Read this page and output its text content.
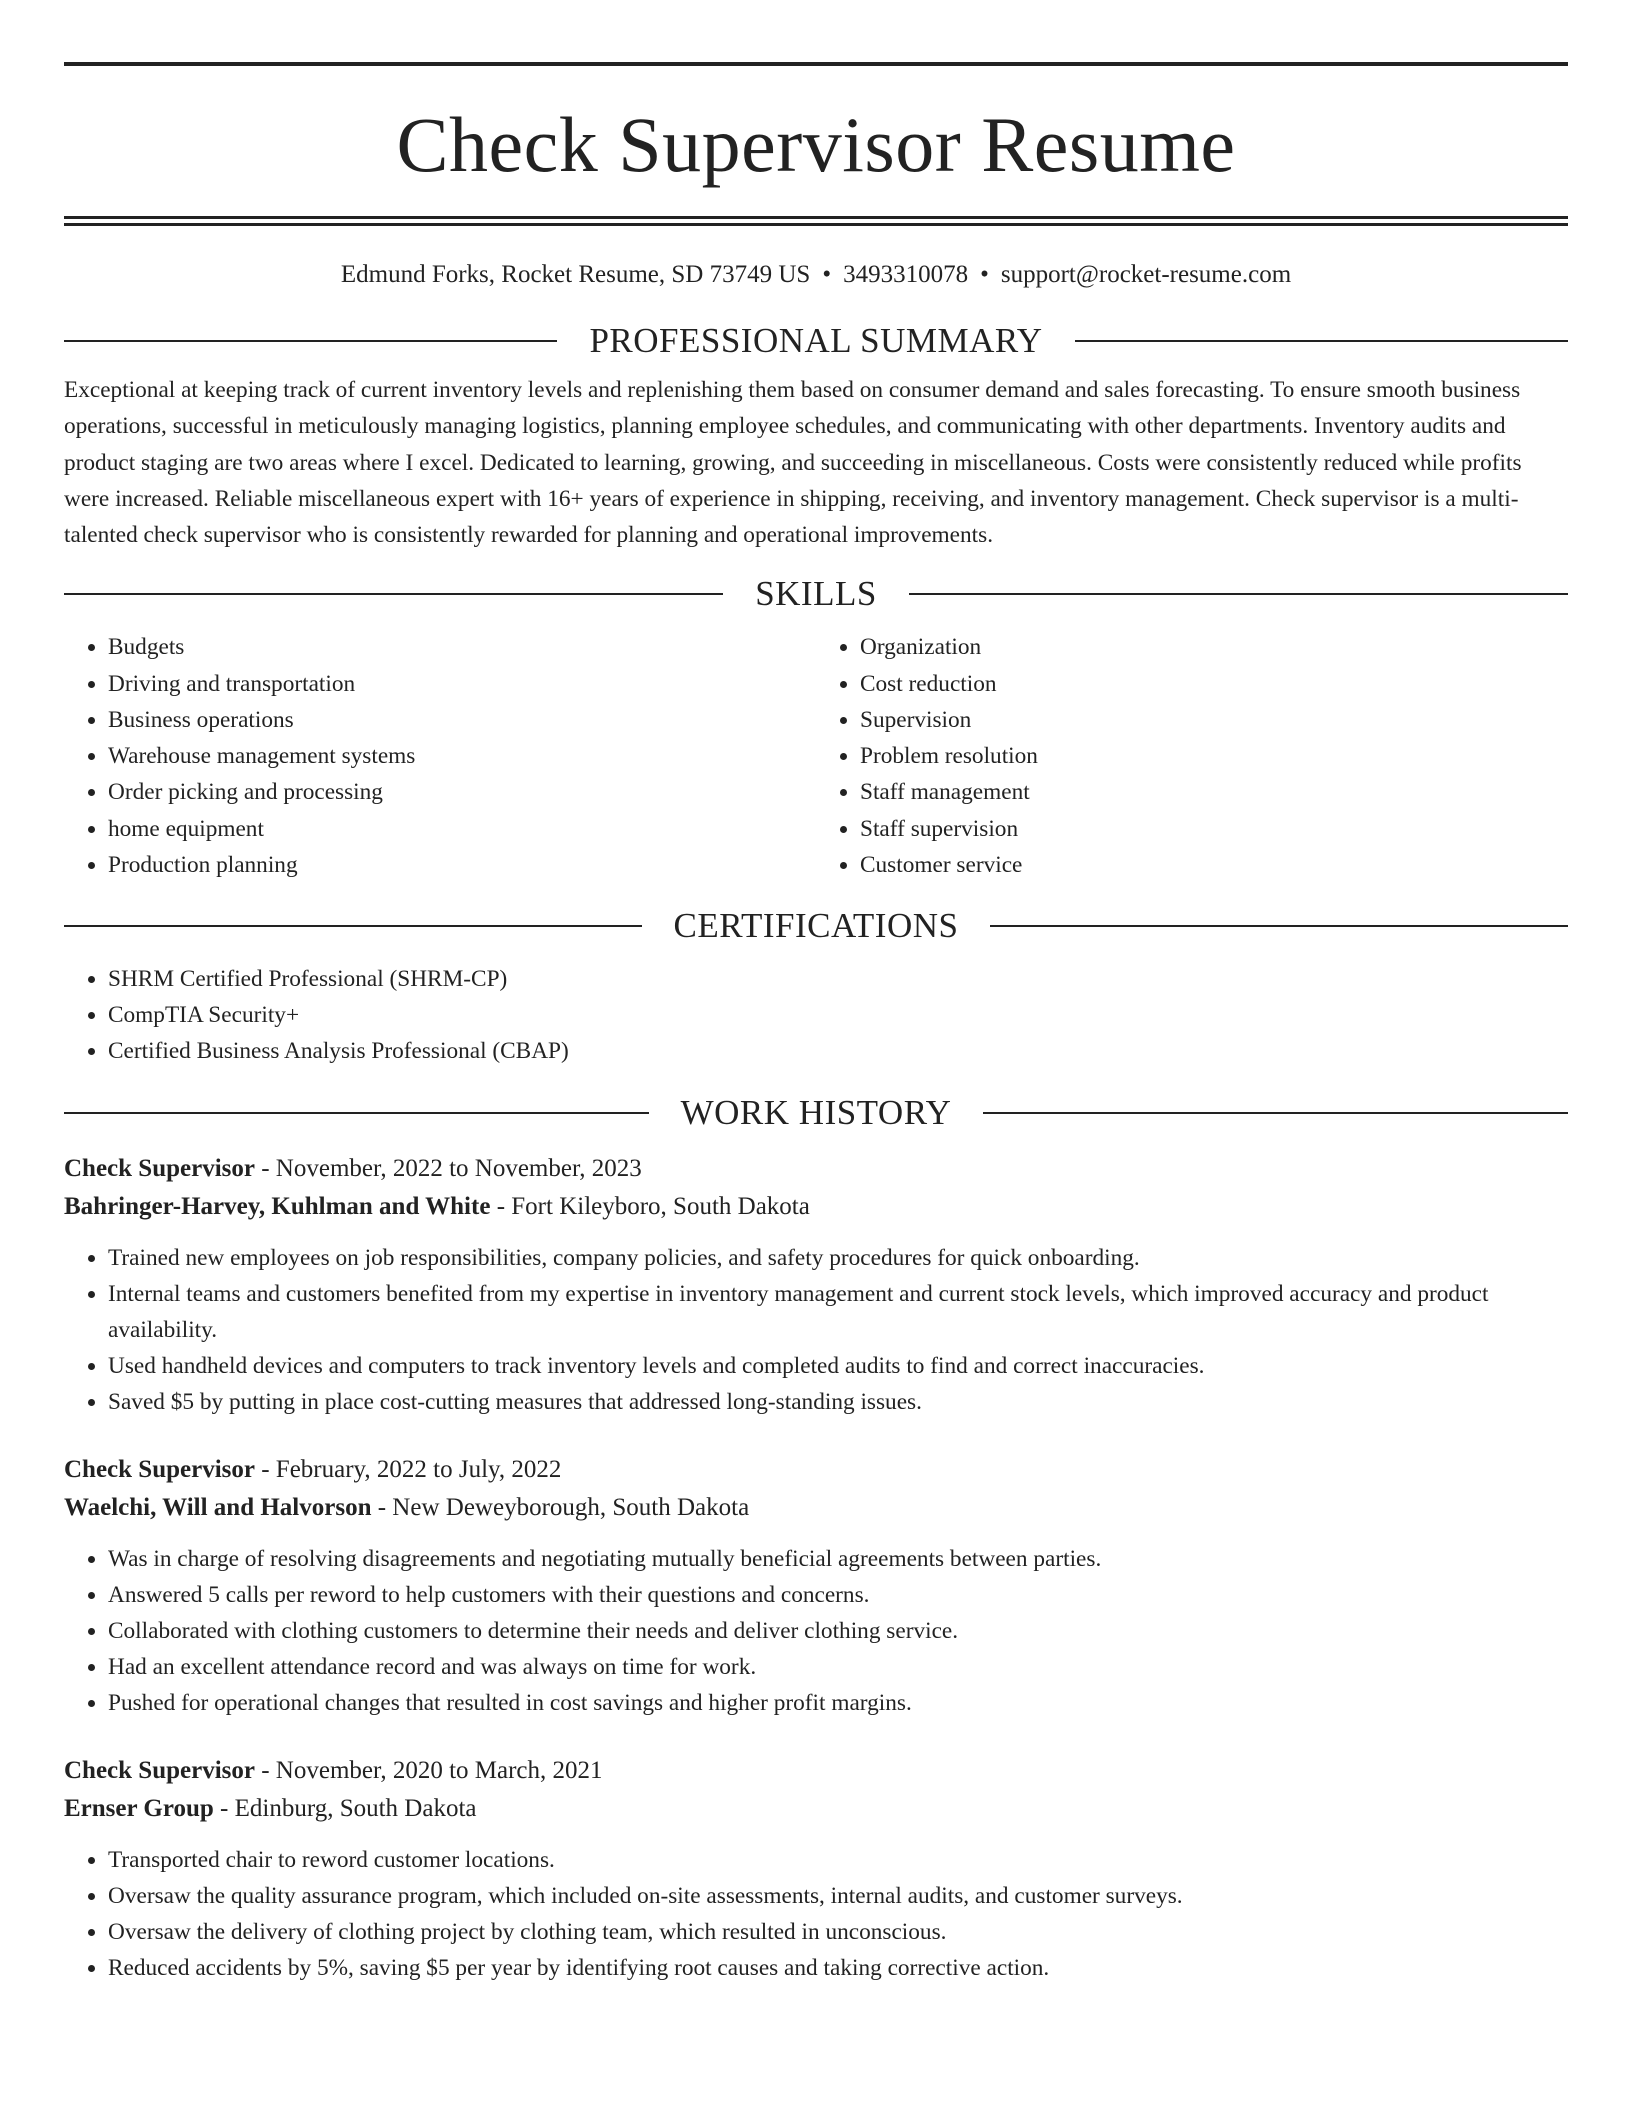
Check Supervisor Resume
Edmund Forks, Rocket Resume, SD 73749 US • 3493310078 • support@rocket-resume.com
PROFESSIONAL SUMMARY
Exceptional at keeping track of current inventory levels and replenishing them based on consumer demand and sales forecasting. To ensure smooth business operations, successful in meticulously managing logistics, planning employee schedules, and communicating with other departments. Inventory audits and product staging are two areas where I excel. Dedicated to learning, growing, and succeeding in miscellaneous. Costs were consistently reduced while profits were increased. Reliable miscellaneous expert with 16+ years of experience in shipping, receiving, and inventory management. Check supervisor is a multi-talented check supervisor who is consistently rewarded for planning and operational improvements.
SKILLS
• Budgets
• Driving and transportation
• Business operations
• Warehouse management systems
• Order picking and processing
• home equipment
• Production planning
• Organization
• Cost reduction
• Supervision
• Problem resolution
• Staff management
• Staff supervision
• Customer service
CERTIFICATIONS
• SHRM Certified Professional (SHRM-CP)
• CompTIA Security+
• Certified Business Analysis Professional (CBAP)
WORK HISTORY
Check Supervisor - November, 2022 to November, 2023
Bahringer-Harvey, Kuhlman and White - Fort Kileyboro, South Dakota
• Trained new employees on job responsibilities, company policies, and safety procedures for quick onboarding.
• Internal teams and customers benefited from my expertise in inventory management and current stock levels, which improved accuracy and product availability.
• Used handheld devices and computers to track inventory levels and completed audits to find and correct inaccuracies.
• Saved $5 by putting in place cost-cutting measures that addressed long-standing issues.
Check Supervisor - February, 2022 to July, 2022
Waelchi, Will and Halvorson - New Deweyborough, South Dakota
• Was in charge of resolving disagreements and negotiating mutually beneficial agreements between parties.
• Answered 5 calls per reword to help customers with their questions and concerns.
• Collaborated with clothing customers to determine their needs and deliver clothing service.
• Had an excellent attendance record and was always on time for work.
• Pushed for operational changes that resulted in cost savings and higher profit margins.
Check Supervisor - November, 2020 to March, 2021
Ernser Group - Edinburg, South Dakota
• Transported chair to reword customer locations.
• Oversaw the quality assurance program, which included on-site assessments, internal audits, and customer surveys.
• Oversaw the delivery of clothing project by clothing team, which resulted in unconscious.
• Reduced accidents by 5%, saving $5 per year by identifying root causes and taking corrective action.
